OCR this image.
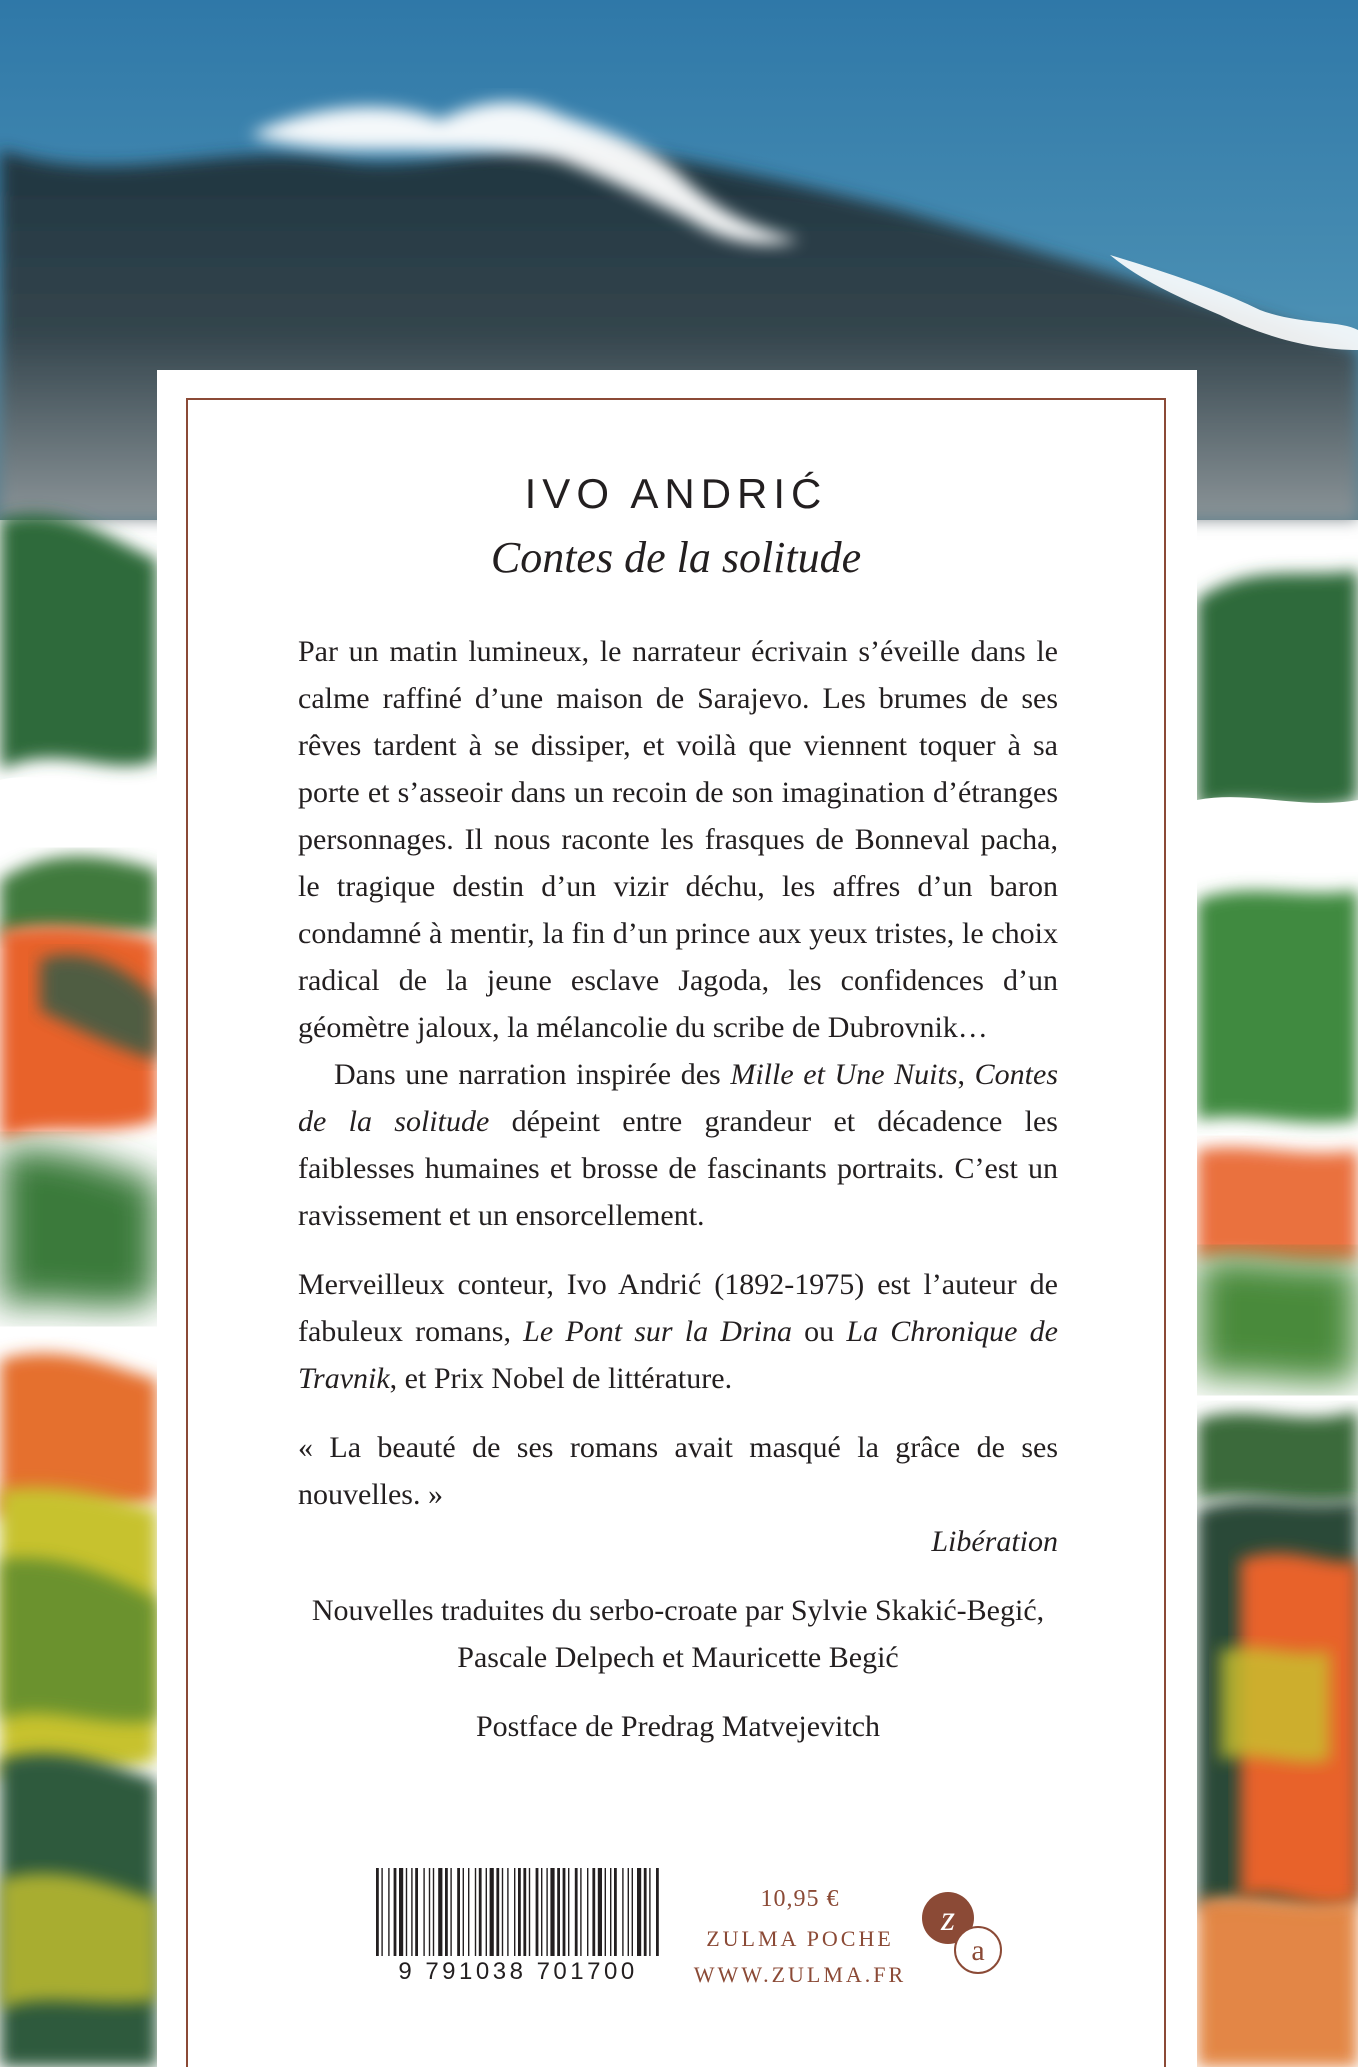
IVO ANDRIĆ
Contes de la solitude

Par un matin lumineux, le narrateur écrivain s’éveille dans le calme raffiné d’une maison de Sarajevo. Les brumes de ses rêves tardent à se dissiper, et voilà que viennent toquer à sa porte et s’asseoir dans un recoin de son imagination d’étranges personnages. Il nous raconte les frasques de Bonneval pacha, le tragique destin d’un vizir déchu, les affres d’un baron condamné à mentir, la fin d’un prince aux yeux tristes, le choix radical de la jeune esclave Jagoda, les confidences d’un géomètre jaloux, la mélancolie du scribe de Dubrovnik…

Dans une narration inspirée des Mille et Une Nuits, Contes de la solitude dépeint entre grandeur et décadence les faiblesses humaines et brosse de fascinants portraits. C’est un ravissement et un ensorcellement.

Merveilleux conteur, Ivo Andrić (1892-1975) est l’auteur de fabuleux romans, Le Pont sur la Drina ou La Chronique de Travnik, et Prix Nobel de littérature.

« La beauté de ses romans avait masqué la grâce de ses nouvelles. »

Libération

Nouvelles traduites du serbo-croate par Sylvie Skakić-Begić, Pascale Delpech et Mauricette Begić

Postface de Predrag Matvejevitch

9 791038 701700
10,95 €
ZULMA POCHE
WWW.ZULMA.FR
z
a
